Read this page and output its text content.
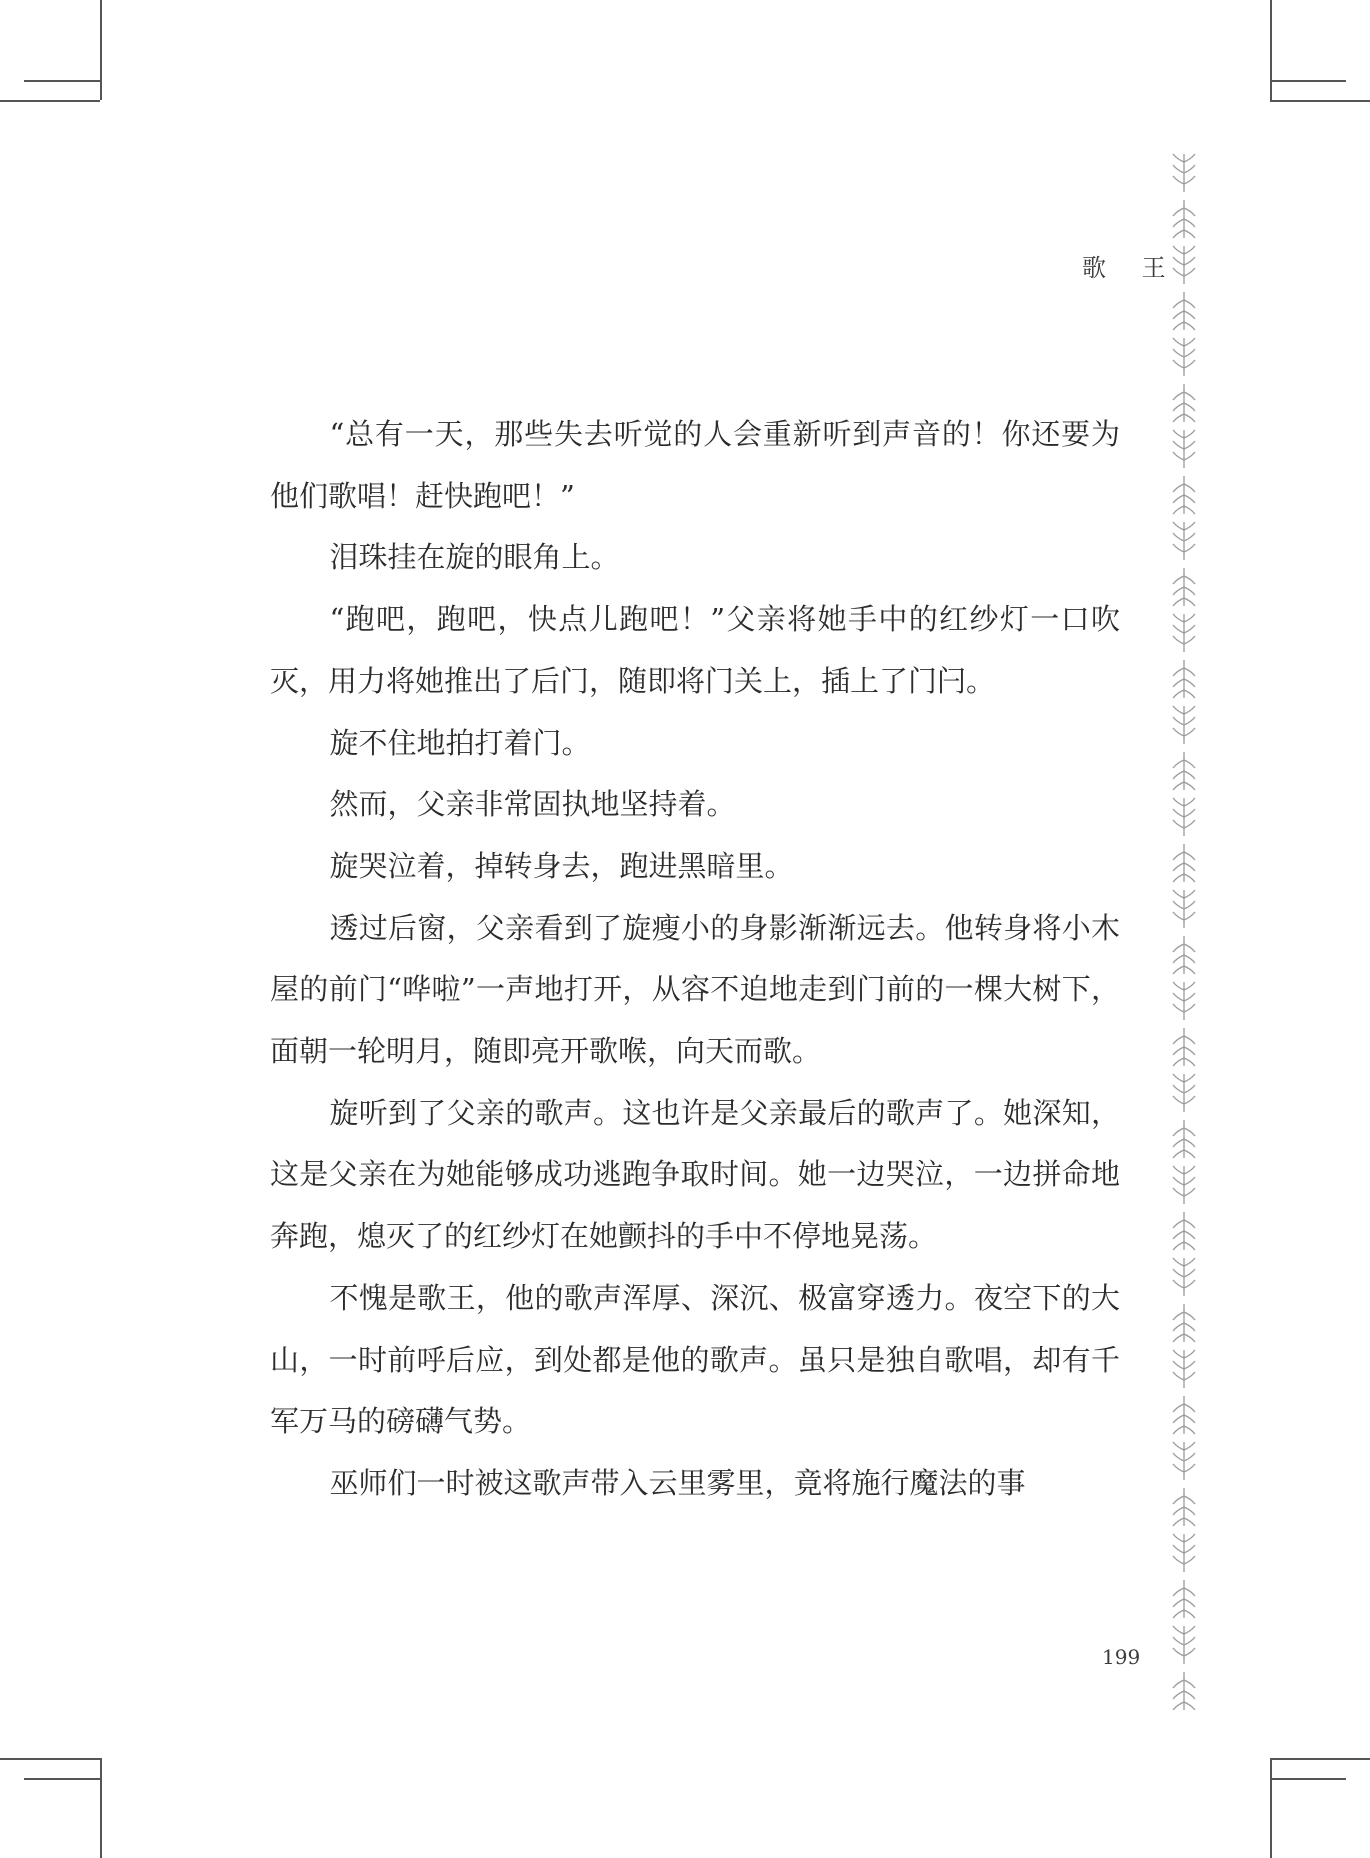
歌 王

“总有一天，那些失去听觉的人会重新听到声音的！你还要为他们歌唱！赶快跑吧！”

泪珠挂在旋的眼角上。

“跑吧，跑吧，快点儿跑吧！”父亲将她手中的红纱灯一口吹灭，用力将她推出了后门，随即将门关上，插上了门闩。

旋不住地拍打着门。

然而，父亲非常固执地坚持着。

旋哭泣着，掉转身去，跑进黑暗里。

透过后窗，父亲看到了旋瘦小的身影渐渐远去。他转身将小木屋的前门“哗啦”一声地打开，从容不迫地走到门前的一棵大树下，面朝一轮明月，随即亮开歌喉，向天而歌。

旋听到了父亲的歌声。这也许是父亲最后的歌声了。她深知，这是父亲在为她能够成功逃跑争取时间。她一边哭泣，一边拼命地奔跑，熄灭了的红纱灯在她颤抖的手中不停地晃荡。

不愧是歌王，他的歌声浑厚、深沉、极富穿透力。夜空下的大山，一时前呼后应，到处都是他的歌声。虽只是独自歌唱，却有千军万马的磅礴气势。

巫师们一时被这歌声带入云里雾里，竟将施行魔法的事

199
